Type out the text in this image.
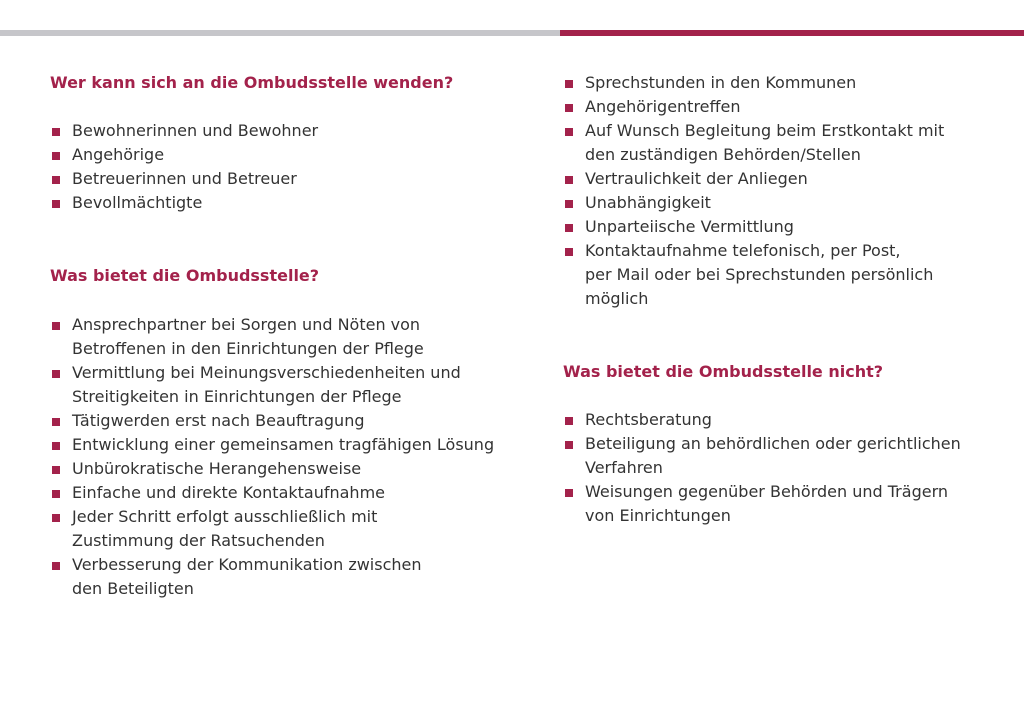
Wer kann sich an die Ombudsstelle wenden?
Bewohnerinnen und Bewohner
Angehörige
Betreuerinnen und Betreuer
Bevollmächtigte
Was bietet die Ombudsstelle?
Ansprechpartner bei Sorgen und Nöten von
Betroffenen in den Einrichtungen der Pflege
Vermittlung bei Meinungsverschiedenheiten und
Streitigkeiten in Einrichtungen der Pflege
Tätigwerden erst nach Beauftragung
Entwicklung einer gemeinsamen tragfähigen Lösung
Unbürokratische Herangehensweise
Einfache und direkte Kontaktaufnahme
Jeder Schritt erfolgt ausschließlich mit
Zustimmung der Ratsuchenden
Verbesserung der Kommunikation zwischen
den Beteiligten
Sprechstunden in den Kommunen
Angehörigentreffen
Auf Wunsch Begleitung beim Erstkontakt mit
den zuständigen Behörden/Stellen
Vertraulichkeit der Anliegen
Unabhängigkeit
Unparteiische Vermittlung
Kontaktaufnahme telefonisch, per Post,
per Mail oder bei Sprechstunden persönlich
möglich
Was bietet die Ombudsstelle nicht?
Rechtsberatung
Beteiligung an behördlichen oder gerichtlichen
Verfahren
Weisungen gegenüber Behörden und Trägern
von Einrichtungen
